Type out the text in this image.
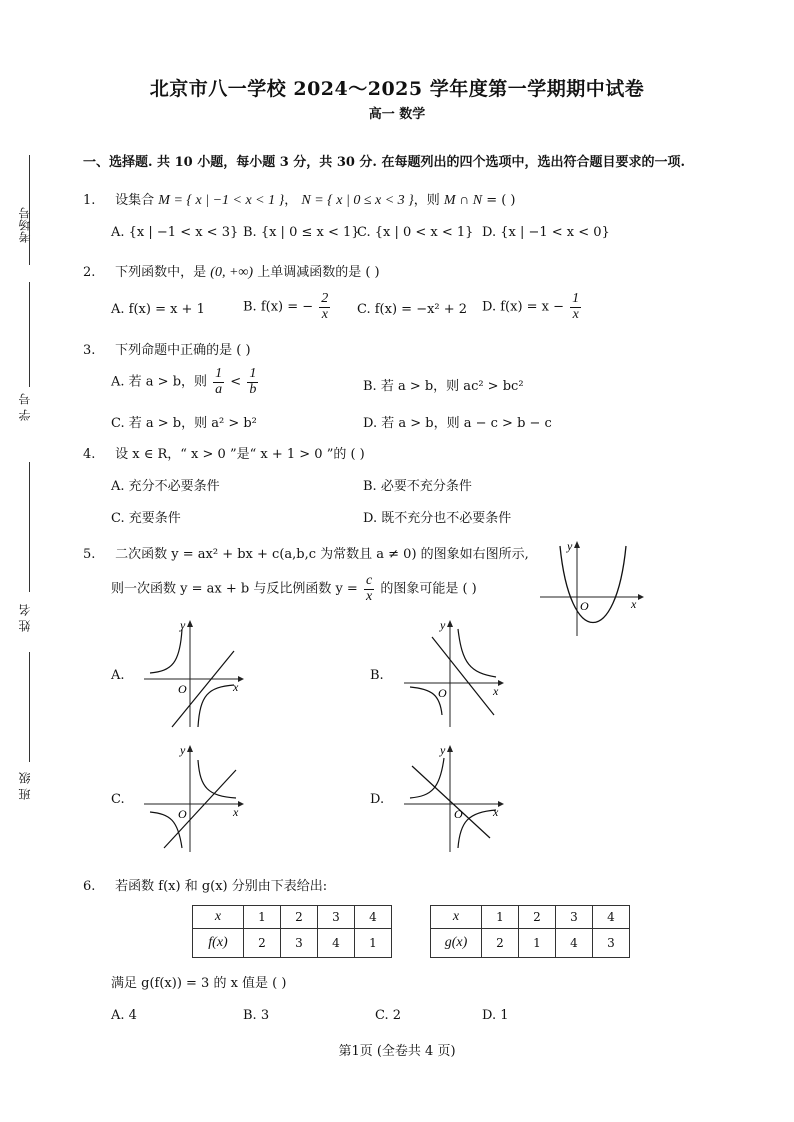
北京市八一学校 2024～2025 学年度第一学期期中试卷
高一 数学
考场号
学 号
姓 名
班 级
一、选择题. 共 10 小题，每小题 3 分，共 30 分. 在每题列出的四个选项中，选出符合题目要求的一项.
1. 设集合 M = { x | −1 < x < 1 }， N = { x | 0 ≤ x < 3 }，则 M ∩ N = ( )
A. {x | −1 < x < 3} B. {x | 0 ≤ x < 1}
C. {x | 0 < x < 1} D. {x | −1 < x < 0}
2. 下列函数中，是 (0, +∞) 上单调减函数的是 ( )
A. f(x) = x + 1	B. f(x) = − $\frac{2}{x} C$. f(x) = −x² + 2 D. $f(x) = x - \frac{1}{x}$
3. 下列命题中正确的是 ( )
A. 若 a > b，则 $\frac{1}{a} < \frac{1}{b}$	B. 若 a > b，则 ac² > bc²
C. 若 a > b，则 a² > b²	D. 若 a > b，则 a − c > b − c
4. 设 x ∈ R，“ x > 0 ”是“ x + 1 > 0 ”的 ( )
A. 充分不必要条件	B. 必要不充分条件
C. 充要条件	D. 既不充分也不必要条件
5. 二次函数 y = ax² + bx + c(a,b,c 为常数且 a ≠ 0) 的图象如右图所示,
则一次函数 y = ax + b 与反比例函数 $y = \frac{c}{x}$ 的图象可能是 ( )
y
x
O
A.	B.
C.	D.
y
x
O
y
x
O
y
x
O
y
x
O
6. 若函数 f(x) 和 g(x) 分别由下表给出:
x	1	2	3	4
f(x)	2	3	4	1
x	1	2	3	4
g(x)	2	1	4	3
满足 g(f(x)) = 3 的 x 值是 ( )
A. 4	B. 3	C. 2	D. 1
第1页 (全卷共 4 页)
